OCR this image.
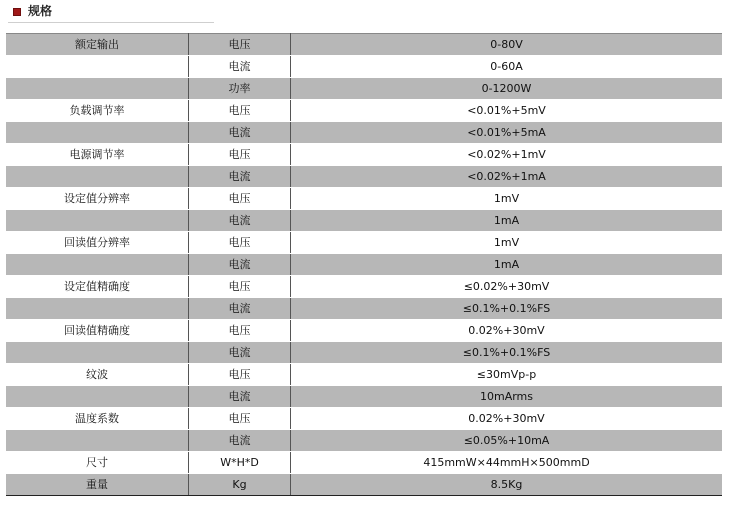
规格
额定输出	电压	0-80V
	电流	0-60A
	功率	0-1200W
负载调节率	电压	<0.01%+5mV
	电流	<0.01%+5mA
电源调节率	电压	<0.02%+1mV
	电流	<0.02%+1mA
设定值分辨率	电压	1mV
	电流	1mA
回读值分辨率	电压	1mV
	电流	1mA
设定值精确度	电压	≤0.02%+30mV
	电流	≤0.1%+0.1%FS
回读值精确度	电压	0.02%+30mV
	电流	≤0.1%+0.1%FS
纹波	电压	≤30mVp-p
	电流	10mArms
温度系数	电压	0.02%+30mV
	电流	≤0.05%+10mA
尺寸	W*H*D	415mmW×44mmH×500mmD
重量	Kg	8.5Kg
